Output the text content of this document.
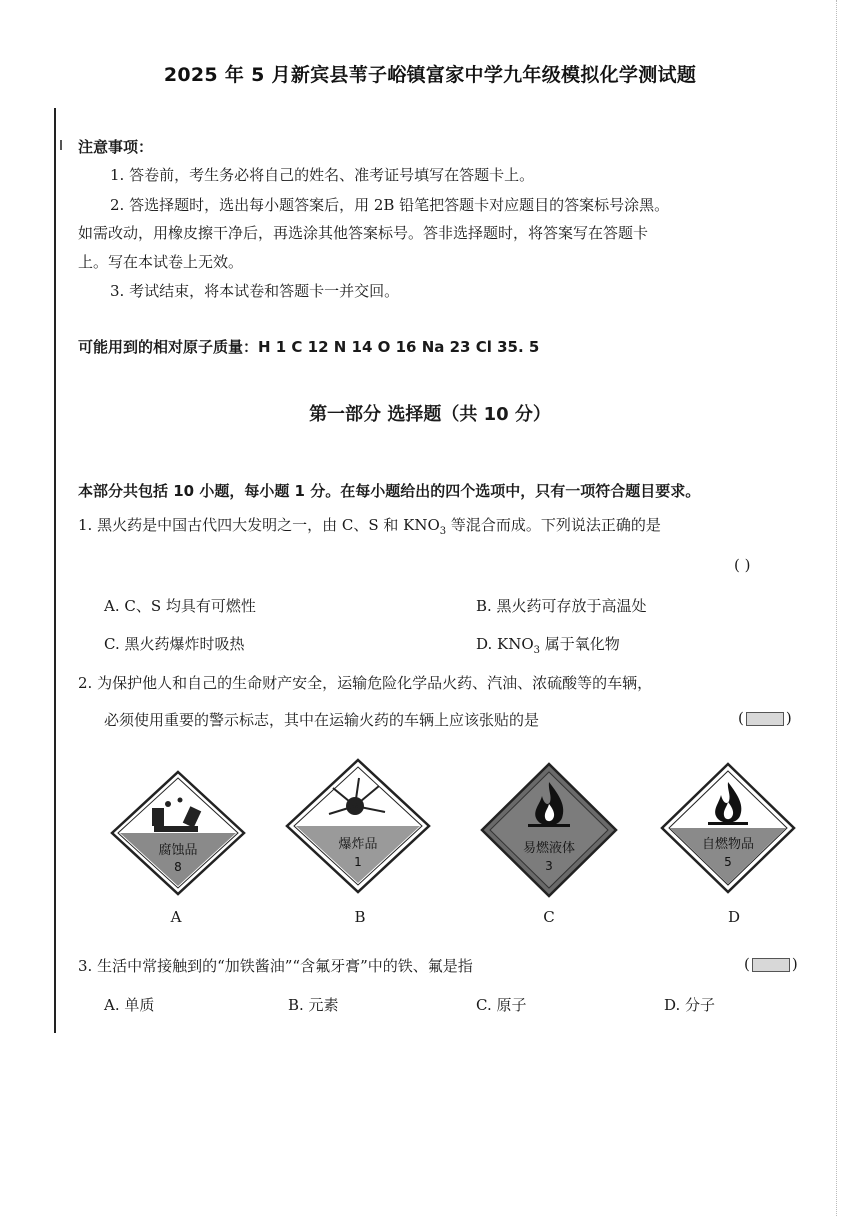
2025 年 5 月新宾县苇子峪镇富家中学九年级模拟化学测试题
注意事项：
1. 答卷前，考生务必将自己的姓名、准考证号填写在答题卡上。
2. 答选择题时，选出每小题答案后，用 2B 铅笔把答题卡对应题目的答案标号涂黑。
如需改动，用橡皮擦干净后，再选涂其他答案标号。答非选择题时，将答案写在答题卡
上。写在本试卷上无效。
3. 考试结束，将本试卷和答题卡一并交回。
可能用到的相对原子质量：H 1 C 12 N 14 O 16 Na 23 Cl 35. 5
第一部分 选择题（共 10 分）
本部分共包括 10 小题，每小题 1 分。在每小题给出的四个选项中，只有一项符合题目要求。
1. 黑火药是中国古代四大发明之一，由 C、S 和 $KNO_3$ 等混合而成。下列说法正确的是
( )
A. C、S 均具有可燃性	B. 黑火药可存放于高温处
C. 黑火药爆炸时吸热	D. $KNO_3$ 属于氧化物
2. 为保护他人和自己的生命财产安全，运输危险化学品火药、汽油、浓硫酸等的车辆，
必须使用重要的警示标志，其中在运输火药的车辆上应该张贴的是	(	)
腐蚀品
8
爆炸品
1
易燃液体
3
自燃物品
5
A	B	C	D
3. 生活中常接触到的“加铁酱油”“含氟牙膏”中的铁、氟是指	(	)
A. 单质	B. 元素	C. 原子	D. 分子
